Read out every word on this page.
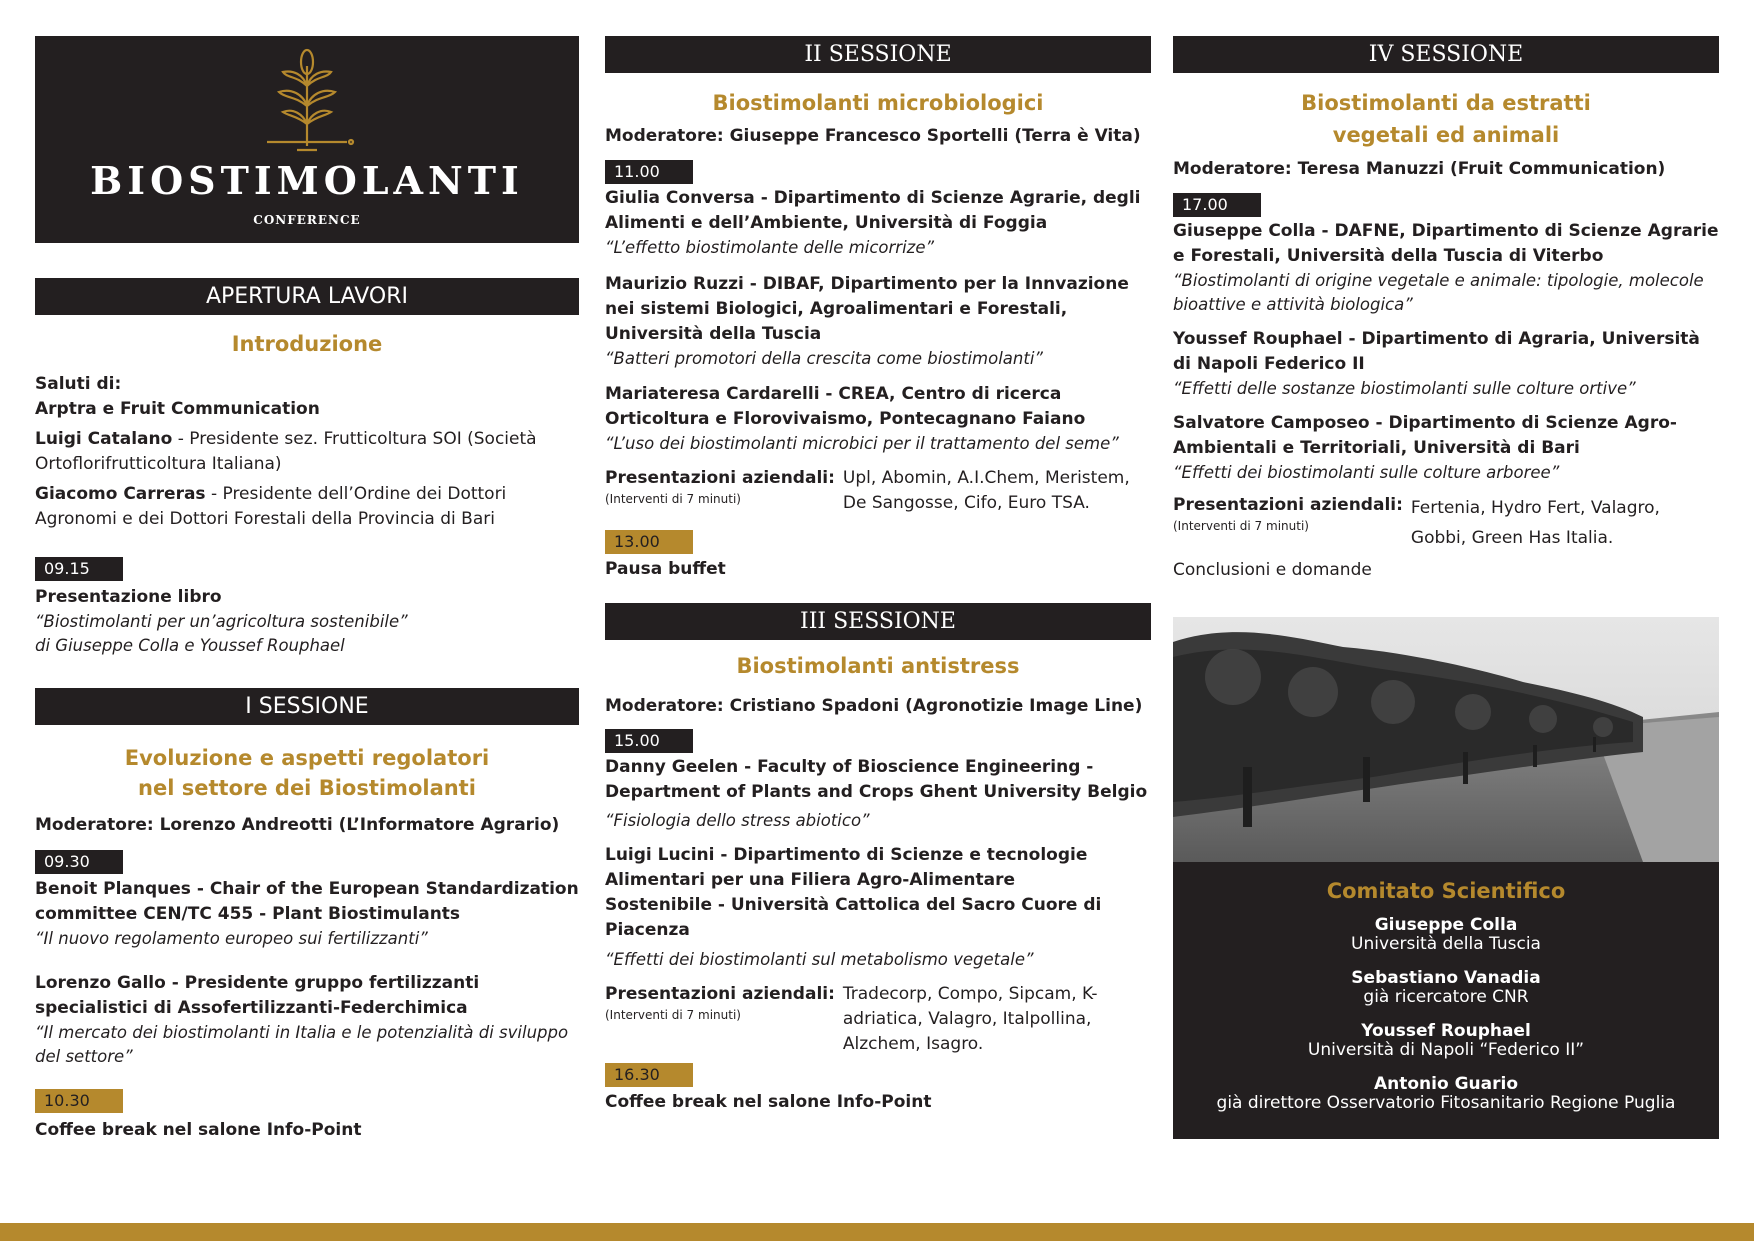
BIOSTIMOLANTI
CONFERENCE
APERTURA LAVORI
Introduzione
Saluti di:
Arptra e Fruit Communication
Luigi Catalano - Presidente sez. Frutticoltura SOI (Società Ortoflorifrutticoltura Italiana)
Giacomo Carreras - Presidente dell’Ordine dei Dottori Agronomi e dei Dottori Forestali della Provincia di Bari
09.15
Presentazione libro
“Biostimolanti per un’agricoltura sostenibile”
di Giuseppe Colla e Youssef Rouphael
I SESSIONE
Evoluzione e aspetti regolatori
nel settore dei Biostimolanti
Moderatore: Lorenzo Andreotti (L’Informatore Agrario)
09.30
Benoit Planques - Chair of the European Standardization committee CEN/TC 455 - Plant Biostimulants
“Il nuovo regolamento europeo sui fertilizzanti”
Lorenzo Gallo - Presidente gruppo fertilizzanti specialistici di Assofertilizzanti-Federchimica
“Il mercato dei biostimolanti in Italia e le potenzialità di sviluppo del settore”
10.30
Coffee break nel salone Info-Point
II SESSIONE
Biostimolanti microbiologici
Moderatore: Giuseppe Francesco Sportelli (Terra è Vita)
11.00
Giulia Conversa - Dipartimento di Scienze Agrarie, degli Alimenti e dell’Ambiente, Università di Foggia
“L’effetto biostimolante delle micorrize”
Maurizio Ruzzi - DIBAF, Dipartimento per la Innvazione nei sistemi Biologici, Agroalimentari e Forestali, Università della Tuscia
“Batteri promotori della crescita come biostimolanti”
Mariateresa Cardarelli - CREA, Centro di ricerca Orticoltura e Florovivaismo, Pontecagnano Faiano
“L’uso dei biostimolanti microbici per il trattamento del seme”
Presentazioni aziendali:
(Interventi di 7 minuti)
Upl, Abomin, A.I.Chem, Meristem, De Sangosse, Cifo, Euro TSA.
13.00
Pausa buffet
III SESSIONE
Biostimolanti antistress
Moderatore: Cristiano Spadoni (Agronotizie Image Line)
15.00
Danny Geelen - Faculty of Bioscience Engineering - Department of Plants and Crops Ghent University Belgio
“Fisiologia dello stress abiotico”
Luigi Lucini - Dipartimento di Scienze e tecnologie Alimentari per una Filiera Agro-Alimentare Sostenibile - Università Cattolica del Sacro Cuore di Piacenza
“Effetti dei biostimolanti sul metabolismo vegetale”
Presentazioni aziendali:
(Interventi di 7 minuti)
Tradecorp, Compo, Sipcam, K-adriatica, Valagro, Italpollina, Alzchem, Isagro.
16.30
Coffee break nel salone Info-Point
IV SESSIONE
Biostimolanti da estratti
vegetali ed animali
Moderatore: Teresa Manuzzi (Fruit Communication)
17.00
Giuseppe Colla - DAFNE, Dipartimento di Scienze Agrarie e Forestali, Università della Tuscia di Viterbo
“Biostimolanti di origine vegetale e animale: tipologie, molecole bioattive e attività biologica”
Youssef Rouphael - Dipartimento di Agraria, Università di Napoli Federico II
“Effetti delle sostanze biostimolanti sulle colture ortive”
Salvatore Camposeo - Dipartimento di Scienze Agro-Ambientali e Territoriali, Università di Bari
“Effetti dei biostimolanti sulle colture arboree”
Presentazioni aziendali:
(Interventi di 7 minuti)
Fertenia, Hydro Fert, Valagro, Gobbi, Green Has Italia.
Conclusioni e domande
Comitato Scientifico
Giuseppe Colla
Università della Tuscia
Sebastiano Vanadia
già ricercatore CNR
Youssef Rouphael
Università di Napoli “Federico II”
Antonio Guario
già direttore Osservatorio Fitosanitario Regione Puglia
